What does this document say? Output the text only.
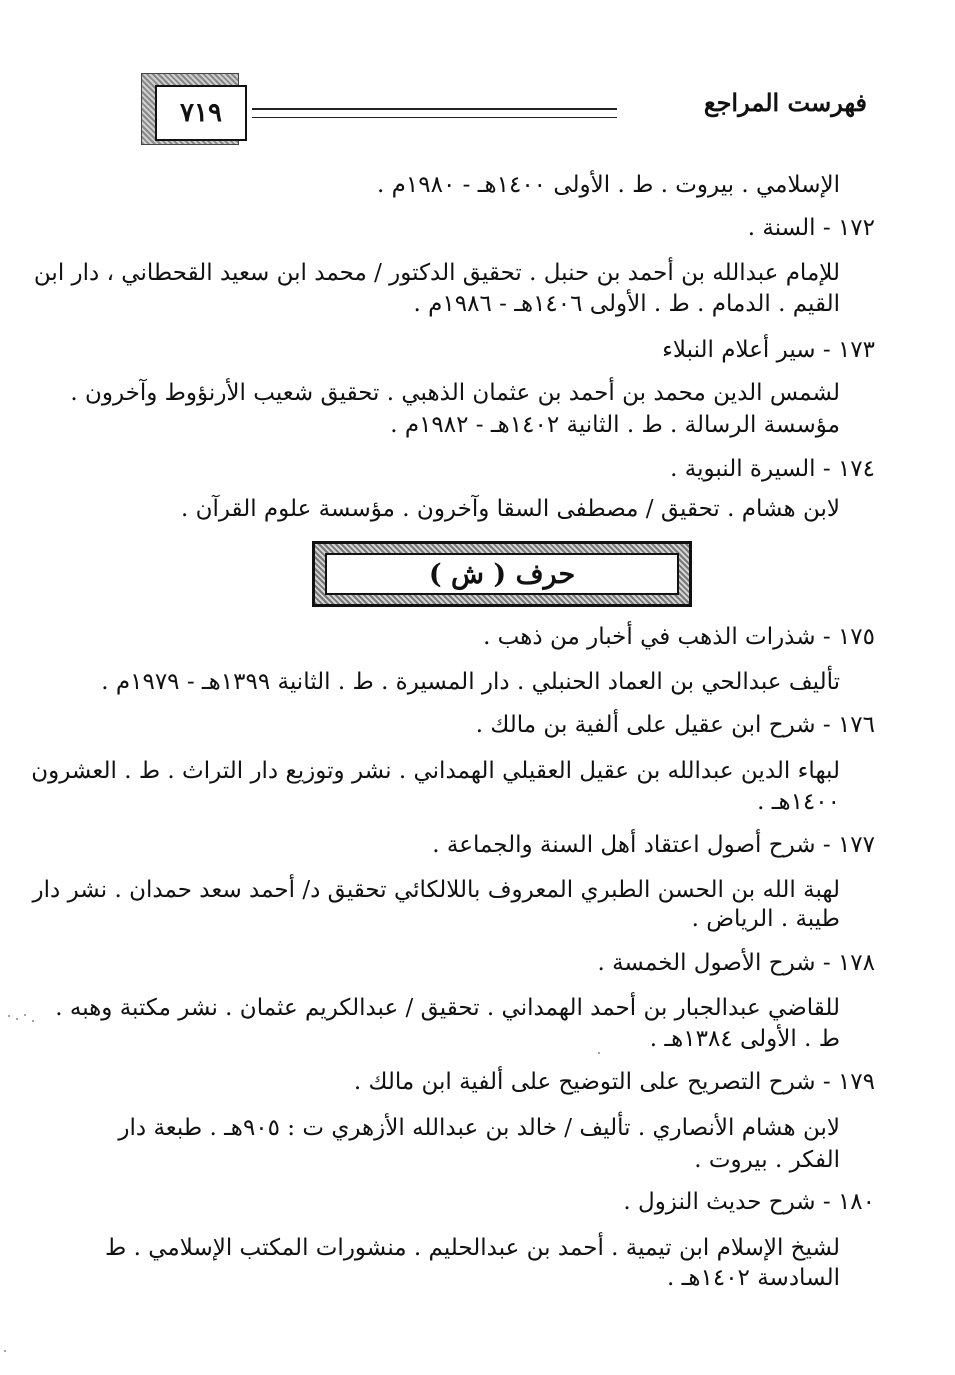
٧١٩	فهرست المراجع
الإسلامي . بيروت . ط . الأولى ١٤٠٠هـ - ١٩٨٠م .
١٧٢ - السنة .
للإمام عبدالله بن أحمد بن حنبل . تحقيق الدكتور / محمد ابن سعيد القحطاني ، دار ابن
القيم . الدمام . ط . الأولى ١٤٠٦هـ - ١٩٨٦م .
١٧٣ - سير أعلام النبلاء
لشمس الدين محمد بن أحمد بن عثمان الذهبي . تحقيق شعيب الأرنؤوط وآخرون .
مؤسسة الرسالة . ط . الثانية ١٤٠٢هـ - ١٩٨٢م .
١٧٤ - السيرة النبوية .
لابن هشام . تحقيق / مصطفى السقا وآخرون . مؤسسة علوم القرآن .
حرف ( ش )
١٧٥ - شذرات الذهب في أخبار من ذهب .
تأليف عبدالحي بن العماد الحنبلي . دار المسيرة . ط . الثانية ١٣٩٩هـ - ١٩٧٩م .
١٧٦ - شرح ابن عقيل على ألفية بن مالك .
لبهاء الدين عبدالله بن عقيل العقيلي الهمداني . نشر وتوزيع دار التراث . ط . العشرون
١٤٠٠هـ .
١٧٧ - شرح أصول اعتقاد أهل السنة والجماعة .
لهبة الله بن الحسن الطبري المعروف باللالكائي تحقيق د/ أحمد سعد حمدان . نشر دار
طيبة . الرياض .
١٧٨ - شرح الأصول الخمسة .
للقاضي عبدالجبار بن أحمد الهمداني . تحقيق / عبدالكريم عثمان . نشر مكتبة وهبه .
ط . الأولى ١٣٨٤هـ .
١٧٩ - شرح التصريح على التوضيح على ألفية ابن مالك .
لابن هشام الأنصاري . تأليف / خالد بن عبدالله الأزهري ت : ٩٠٥هـ . طبعة دار
الفكر . بيروت .
١٨٠ - شرح حديث النزول .
لشيخ الإسلام ابن تيمية . أحمد بن عبدالحليم . منشورات المكتب الإسلامي . ط
السادسة ١٤٠٢هـ .
